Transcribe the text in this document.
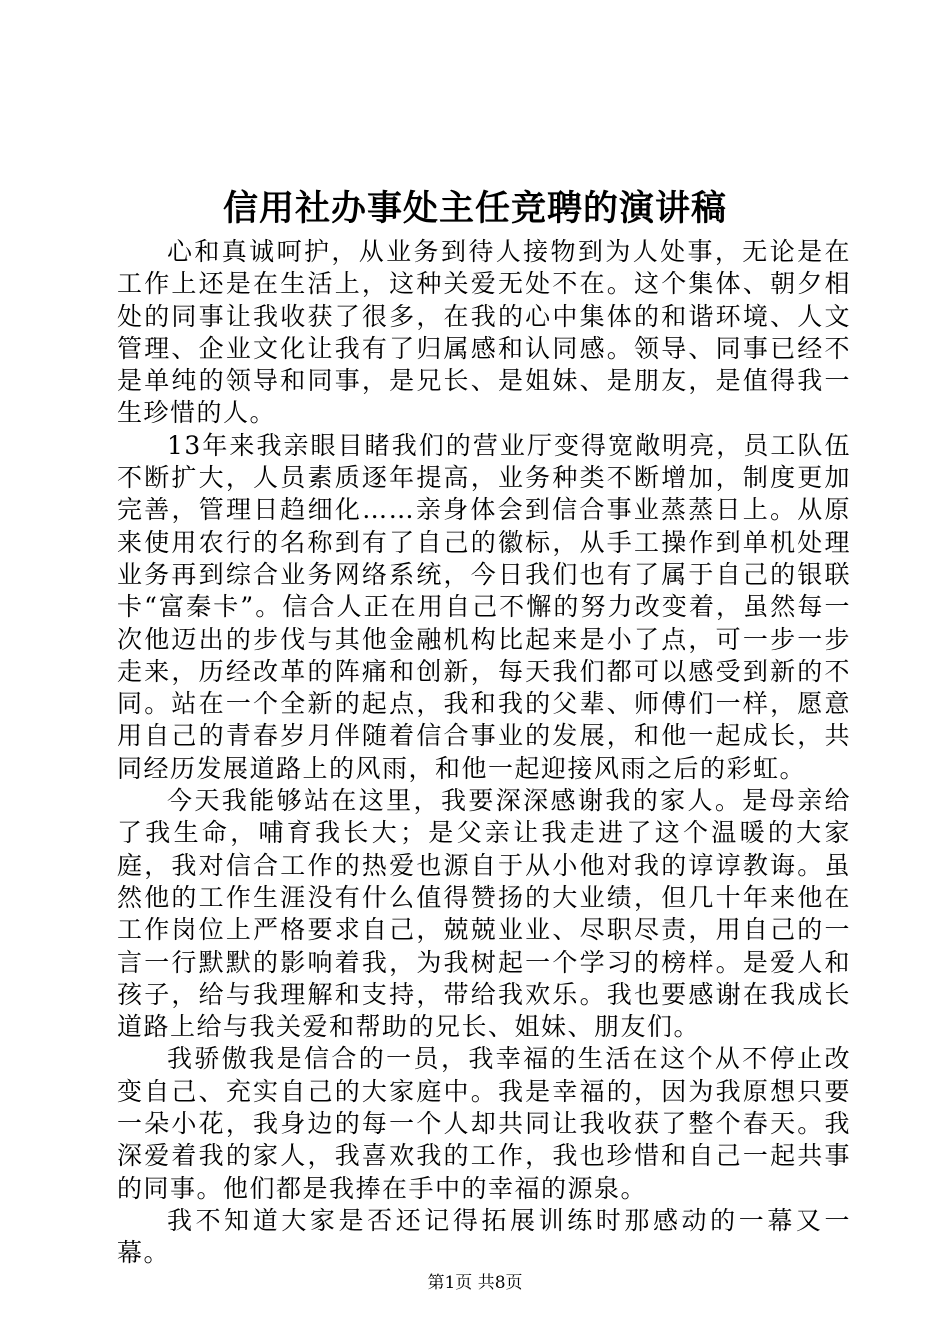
信用社办事处主任竞聘的演讲稿

心和真诚呵护，从业务到待人接物到为人处事，无论是在工作上还是在生活上，这种关爱无处不在。这个集体、朝夕相处的同事让我收获了很多，在我的心中集体的和谐环境、人文管理、企业文化让我有了归属感和认同感。领导、同事已经不是单纯的领导和同事，是兄长、是姐妹、是朋友，是值得我一生珍惜的人。

13年来我亲眼目睹我们的营业厅变得宽敞明亮，员工队伍不断扩大，人员素质逐年提高，业务种类不断增加，制度更加完善，管理日趋细化……亲身体会到信合事业蒸蒸日上。从原来使用农行的名称到有了自己的徽标，从手工操作到单机处理业务再到综合业务网络系统，今日我们也有了属于自己的银联卡“富秦卡”。信合人正在用自己不懈的努力改变着，虽然每一次他迈出的步伐与其他金融机构比起来是小了点，可一步一步走来，历经改革的阵痛和创新，每天我们都可以感受到新的不同。站在一个全新的起点，我和我的父辈、师傅们一样，愿意用自己的青春岁月伴随着信合事业的发展，和他一起成长，共同经历发展道路上的风雨，和他一起迎接风雨之后的彩虹。

今天我能够站在这里，我要深深感谢我的家人。是母亲给了我生命，哺育我长大；是父亲让我走进了这个温暖的大家庭，我对信合工作的热爱也源自于从小他对我的谆谆教诲。虽然他的工作生涯没有什么值得赞扬的大业绩，但几十年来他在工作岗位上严格要求自己，兢兢业业、尽职尽责，用自己的一言一行默默的影响着我，为我树起一个学习的榜样。是爱人和孩子，给与我理解和支持，带给我欢乐。我也要感谢在我成长道路上给与我关爱和帮助的兄长、姐妹、朋友们。

我骄傲我是信合的一员，我幸福的生活在这个从不停止改变自己、充实自己的大家庭中。我是幸福的，因为我原想只要一朵小花，我身边的每一个人却共同让我收获了整个春天。我深爱着我的家人，我喜欢我的工作，我也珍惜和自己一起共事的同事。他们都是我捧在手中的幸福的源泉。

我不知道大家是否还记得拓展训练时那感动的一幕又一幕。

第1页 共8页
